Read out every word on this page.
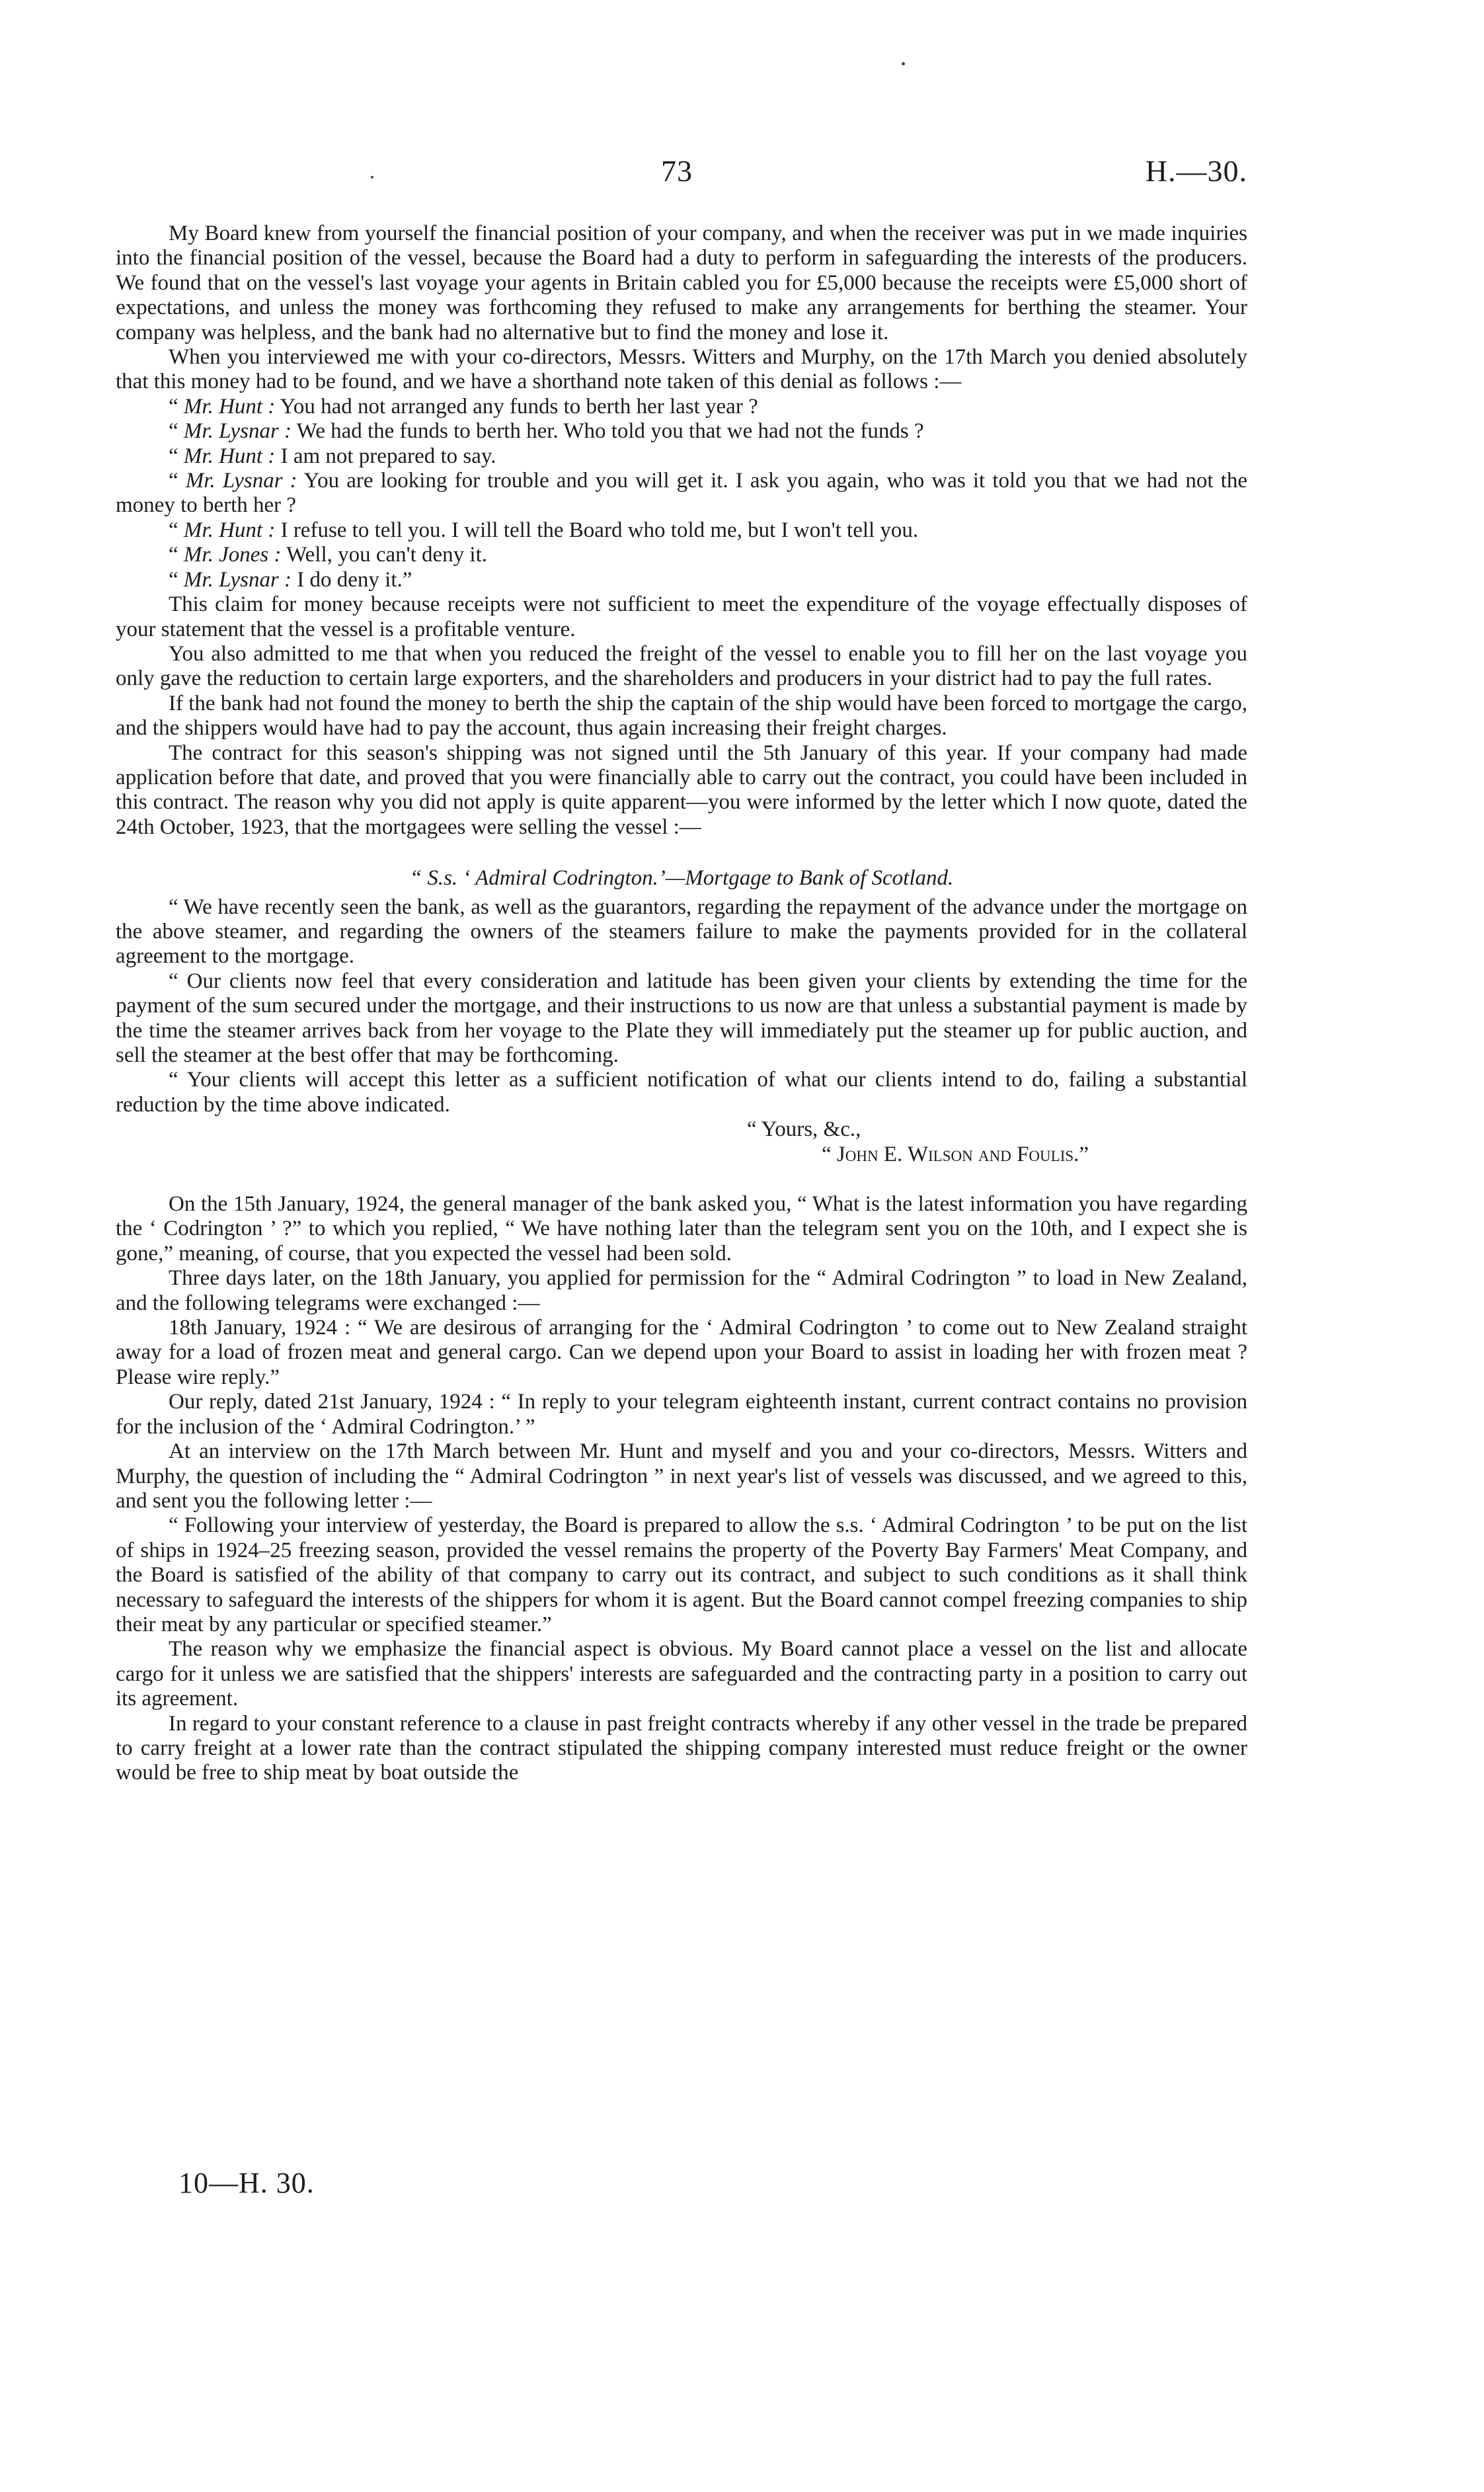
73	H.—30.

My Board knew from yourself the financial position of your company, and when the receiver was put in we made inquiries into the financial position of the vessel, because the Board had a duty to perform in safeguarding the interests of the producers. We found that on the vessel's last voyage your agents in Britain cabled you for £5,000 because the receipts were £5,000 short of expectations, and unless the money was forthcoming they refused to make any arrangements for berthing the steamer. Your company was helpless, and the bank had no alternative but to find the money and lose it.

When you interviewed me with your co-directors, Messrs. Witters and Murphy, on the 17th March you denied absolutely that this money had to be found, and we have a shorthand note taken of this denial as follows :—

“ Mr. Hunt : You had not arranged any funds to berth her last year ?

“ Mr. Lysnar : We had the funds to berth her. Who told you that we had not the funds ?

“ Mr. Hunt : I am not prepared to say.

“ Mr. Lysnar : You are looking for trouble and you will get it. I ask you again, who was it told you that we had not the money to berth her ?

“ Mr. Hunt : I refuse to tell you. I will tell the Board who told me, but I won't tell you.

“ Mr. Jones : Well, you can't deny it.

“ Mr. Lysnar : I do deny it.”

This claim for money because receipts were not sufficient to meet the expenditure of the voyage effectually disposes of your statement that the vessel is a profitable venture.

You also admitted to me that when you reduced the freight of the vessel to enable you to fill her on the last voyage you only gave the reduction to certain large exporters, and the shareholders and producers in your district had to pay the full rates.

If the bank had not found the money to berth the ship the captain of the ship would have been forced to mortgage the cargo, and the shippers would have had to pay the account, thus again increasing their freight charges.

The contract for this season's shipping was not signed until the 5th January of this year. If your company had made application before that date, and proved that you were financially able to carry out the contract, you could have been included in this contract. The reason why you did not apply is quite apparent—you were informed by the letter which I now quote, dated the 24th October, 1923, that the mortgagees were selling the vessel :—

“ S.s. ‘ Admiral Codrington.’—Mortgage to Bank of Scotland.

“ We have recently seen the bank, as well as the guarantors, regarding the repayment of the advance under the mortgage on the above steamer, and regarding the owners of the steamers failure to make the payments provided for in the collateral agreement to the mortgage.

“ Our clients now feel that every consideration and latitude has been given your clients by extending the time for the payment of the sum secured under the mortgage, and their instructions to us now are that unless a substantial payment is made by the time the steamer arrives back from her voyage to the Plate they will immediately put the steamer up for public auction, and sell the steamer at the best offer that may be forthcoming.

“ Your clients will accept this letter as a sufficient notification of what our clients intend to do, failing a substantial reduction by the time above indicated.

“ Yours, &c.,

“ John E. Wilson and Foulis.”

On the 15th January, 1924, the general manager of the bank asked you, “ What is the latest information you have regarding the ‘ Codrington ’ ?” to which you replied, “ We have nothing later than the telegram sent you on the 10th, and I expect she is gone,” meaning, of course, that you expected the vessel had been sold.

Three days later, on the 18th January, you applied for permission for the “ Admiral Codrington ” to load in New Zealand, and the following telegrams were exchanged :—

18th January, 1924 : “ We are desirous of arranging for the ‘ Admiral Codrington ’ to come out to New Zealand straight away for a load of frozen meat and general cargo. Can we depend upon your Board to assist in loading her with frozen meat ? Please wire reply.”

Our reply, dated 21st January, 1924 : “ In reply to your telegram eighteenth instant, current contract contains no provision for the inclusion of the ‘ Admiral Codrington.’ ”

At an interview on the 17th March between Mr. Hunt and myself and you and your co-directors, Messrs. Witters and Murphy, the question of including the “ Admiral Codrington ” in next year's list of vessels was discussed, and we agreed to this, and sent you the following letter :—

“ Following your interview of yesterday, the Board is prepared to allow the s.s. ‘ Admiral Codrington ’ to be put on the list of ships in 1924–25 freezing season, provided the vessel remains the property of the Poverty Bay Farmers' Meat Company, and the Board is satisfied of the ability of that company to carry out its contract, and subject to such conditions as it shall think necessary to safeguard the interests of the shippers for whom it is agent. But the Board cannot compel freezing companies to ship their meat by any particular or specified steamer.”

The reason why we emphasize the financial aspect is obvious. My Board cannot place a vessel on the list and allocate cargo for it unless we are satisfied that the shippers' interests are safeguarded and the contracting party in a position to carry out its agreement.

In regard to your constant reference to a clause in past freight contracts whereby if any other vessel in the trade be prepared to carry freight at a lower rate than the contract stipulated the shipping company interested must reduce freight or the owner would be free to ship meat by boat outside the

10—H. 30.
